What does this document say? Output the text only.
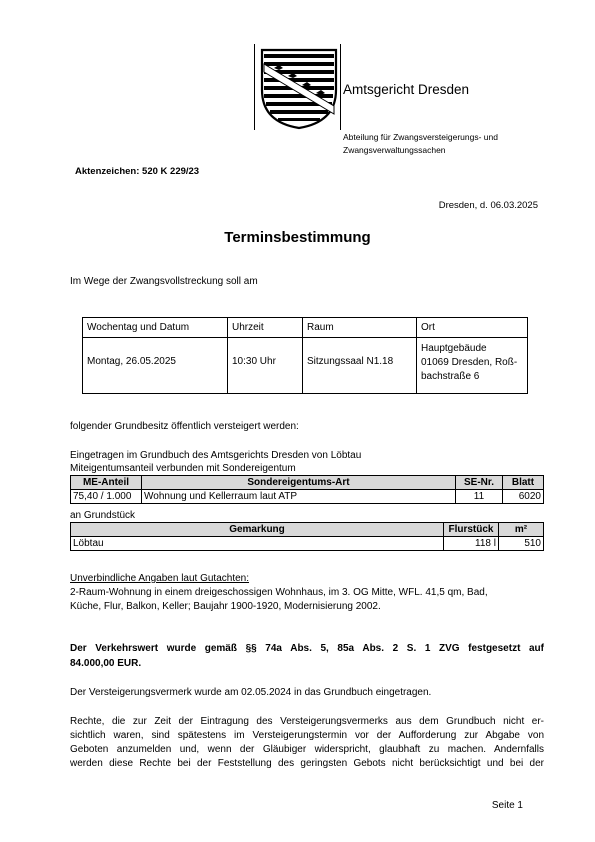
Amtsgericht Dresden
Abteilung für Zwangsversteigerungs- und
Zwangsverwaltungssachen
Aktenzeichen: 520 K 229/23
Dresden, d. 06.03.2025
Terminsbestimmung
Im Wege der Zwangsvollstreckung soll am
Wochentag und Datum	Uhrzeit	Raum	Ort
Montag, 26.05.2025	10:30 Uhr	Sitzungssaal N1.18	Hauptgebäude
01069 Dresden, Roß-
bachstraße 6
folgender Grundbesitz öffentlich versteigert werden:
Eingetragen im Grundbuch des Amtsgerichts Dresden von Löbtau
Miteigentumsanteil verbunden mit Sondereigentum
ME-Anteil	Sondereigentums-Art	SE-Nr.	Blatt
75,40 / 1.000	Wohnung und Kellerraum laut ATP	11	6020
an Grundstück
Gemarkung	Flurstück	m²
Löbtau	118 l	510
Unverbindliche Angaben laut Gutachten:
2-Raum-Wohnung in einem dreigeschossigen Wohnhaus, im 3. OG Mitte, WFL. 41,5 qm, Bad,
Küche, Flur, Balkon, Keller; Baujahr 1900-1920, Modernisierung 2002.
Der Verkehrswert wurde gemäß §§ 74a Abs. 5, 85a Abs. 2 S. 1 ZVG festgesetzt auf
84.000,00 EUR.
Der Versteigerungsvermerk wurde am 02.05.2024 in das Grundbuch eingetragen.
Rechte, die zur Zeit der Eintragung des Versteigerungsvermerks aus dem Grundbuch nicht er-
sichtlich waren, sind spätestens im Versteigerungstermin vor der Aufforderung zur Abgabe von
Geboten anzumelden und, wenn der Gläubiger widerspricht, glaubhaft zu machen. Andernfalls
werden diese Rechte bei der Feststellung des geringsten Gebots nicht berücksichtigt und bei der
Seite 1
